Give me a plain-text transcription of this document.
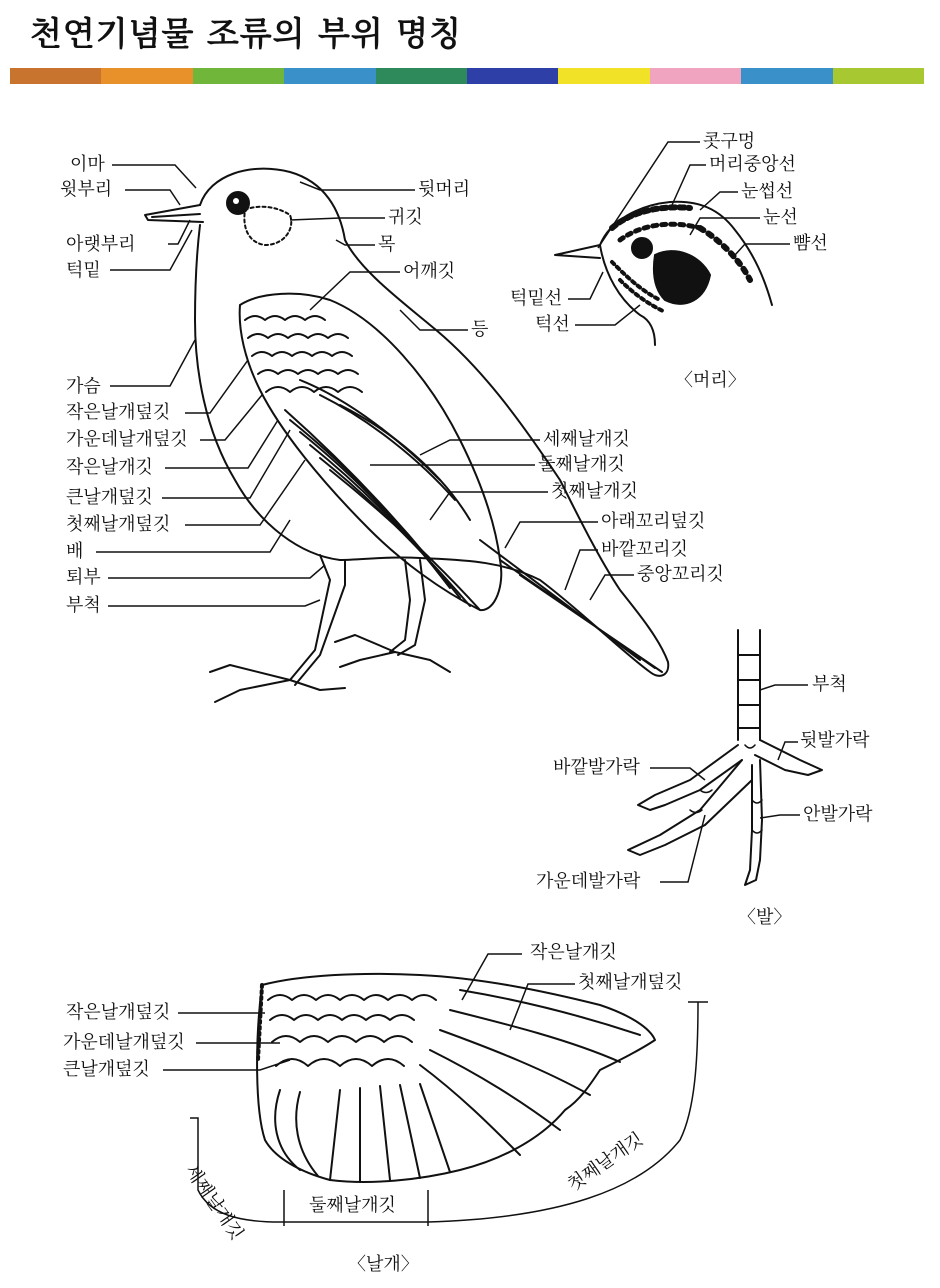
천연기념물 조류의 부위 명칭
이마
윗부리
아랫부리
턱밑
뒷머리
귀깃
목
어깨깃
등
가슴
작은날개덮깃
가운데날개덮깃
작은날개깃
큰날개덮깃
첫째날개덮깃
배
퇴부
부척
세째날개깃
둘째날개깃
첫째날개깃
아래꼬리덮깃
바깥꼬리깃
중앙꼬리깃
콧구멍
머리중앙선
눈썹선
눈선
뺨선
턱밑선
턱선
〈머리〉
부척
뒷발가락
바깥발가락
안발가락
가운데발가락
〈발〉
작은날개깃
첫째날개덮깃
작은날개덮깃
가운데날개덮깃
큰날개덮깃
세째날개깃	둘째날개깃
첫째날개깃
〈날개〉
